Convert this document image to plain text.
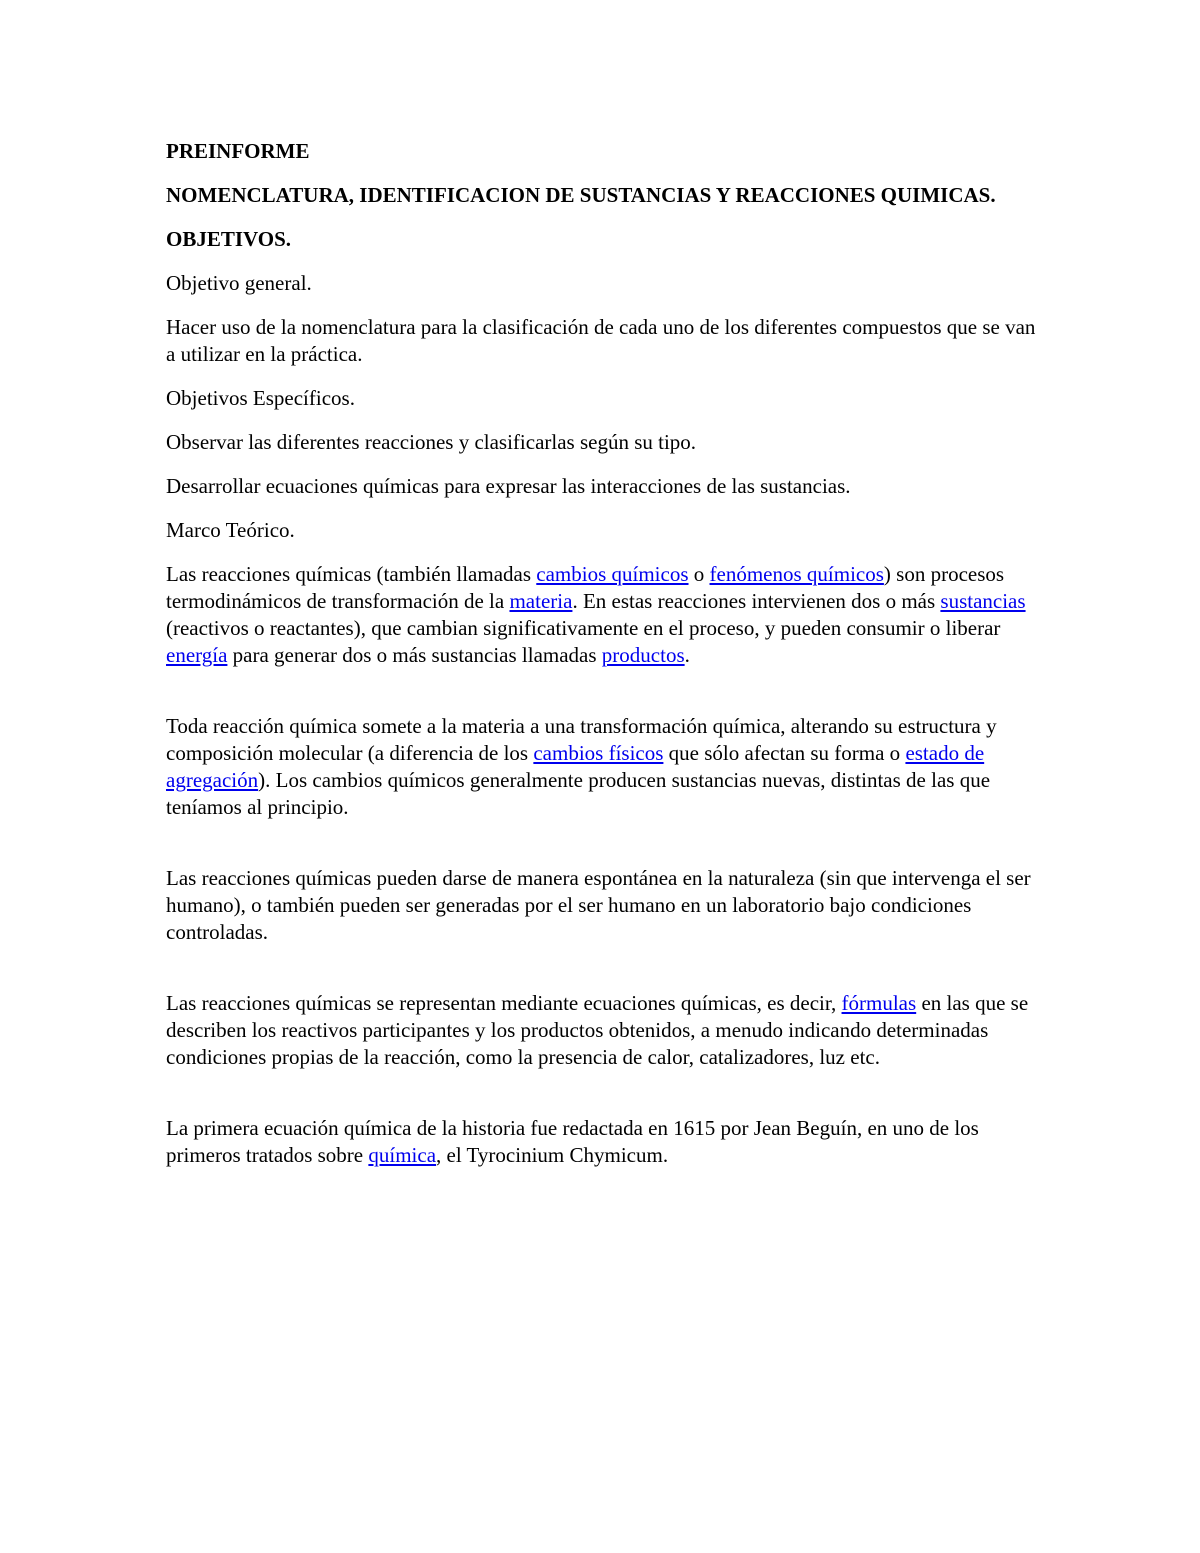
PREINFORME

NOMENCLATURA, IDENTIFICACION DE SUSTANCIAS Y REACCIONES QUIMICAS.

OBJETIVOS.

Objetivo general.

Hacer uso de la nomenclatura para la clasificación de cada uno de los diferentes compuestos que se van a utilizar en la práctica.

Objetivos Específicos.

Observar las diferentes reacciones y clasificarlas según su tipo.

Desarrollar ecuaciones químicas para expresar las interacciones de las sustancias.

Marco Teórico.

Las reacciones químicas (también llamadas cambios químicos o fenómenos químicos) son procesos termodinámicos de transformación de la materia. En estas reacciones intervienen dos o más sustancias (reactivos o reactantes), que cambian significativamente en el proceso, y pueden consumir o liberar energía para generar dos o más sustancias llamadas productos.

Toda reacción química somete a la materia a una transformación química, alterando su estructura y composición molecular (a diferencia de los cambios físicos que sólo afectan su forma o estado de agregación). Los cambios químicos generalmente producen sustancias nuevas, distintas de las que teníamos al principio.

Las reacciones químicas pueden darse de manera espontánea en la naturaleza (sin que intervenga el ser humano), o también pueden ser generadas por el ser humano en un laboratorio bajo condiciones controladas.

Las reacciones químicas se representan mediante ecuaciones químicas, es decir, fórmulas en las que se describen los reactivos participantes y los productos obtenidos, a menudo indicando determinadas condiciones propias de la reacción, como la presencia de calor, catalizadores, luz etc.

La primera ecuación química de la historia fue redactada en 1615 por Jean Beguín, en uno de los primeros tratados sobre química, el Tyrocinium Chymicum.
